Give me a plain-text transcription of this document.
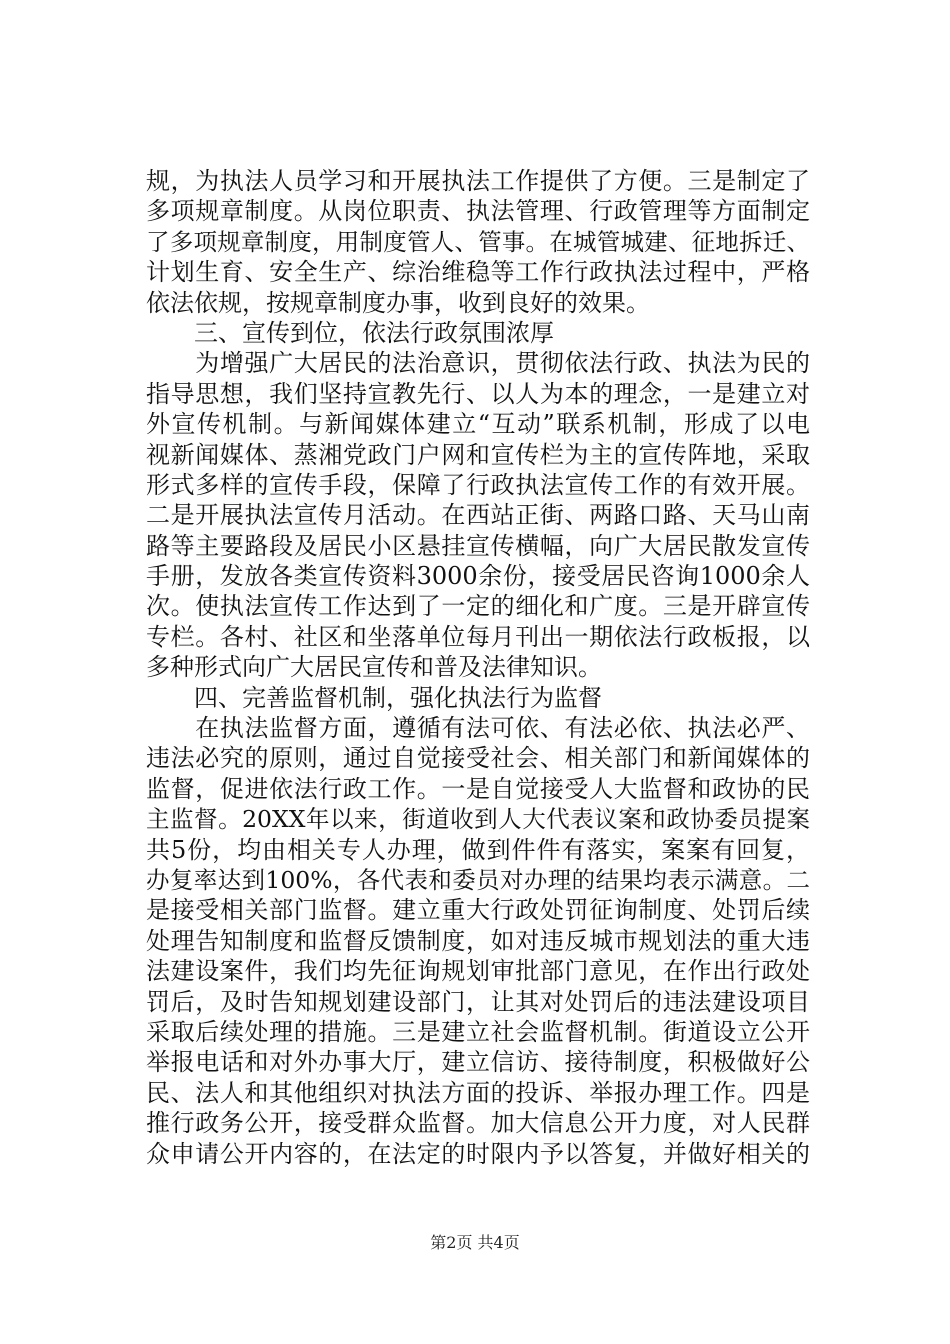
规，为执法人员学习和开展执法工作提供了方便。三是制定了
多项规章制度。从岗位职责、执法管理、行政管理等方面制定
了多项规章制度，用制度管人、管事。在城管城建、征地拆迁、
计划生育、安全生产、综治维稳等工作行政执法过程中，严格
依法依规，按规章制度办事，收到良好的效果。
　　三、宣传到位，依法行政氛围浓厚
　　为增强广大居民的法治意识，贯彻依法行政、执法为民的
指导思想，我们坚持宣教先行、以人为本的理念，一是建立对
外宣传机制。与新闻媒体建立“互动”联系机制，形成了以电
视新闻媒体、蒸湘党政门户网和宣传栏为主的宣传阵地，采取
形式多样的宣传手段，保障了行政执法宣传工作的有效开展。
二是开展执法宣传月活动。在西站正街、两路口路、天马山南
路等主要路段及居民小区悬挂宣传横幅，向广大居民散发宣传
手册，发放各类宣传资料3000余份，接受居民咨询1000余人
次。使执法宣传工作达到了一定的细化和广度。三是开辟宣传
专栏。各村、社区和坐落单位每月刊出一期依法行政板报，以
多种形式向广大居民宣传和普及法律知识。
　　四、完善监督机制，强化执法行为监督
　　在执法监督方面，遵循有法可依、有法必依、执法必严、
违法必究的原则，通过自觉接受社会、相关部门和新闻媒体的
监督，促进依法行政工作。一是自觉接受人大监督和政协的民
主监督。20XX年以来，街道收到人大代表议案和政协委员提案
共5份，均由相关专人办理，做到件件有落实，案案有回复，
办复率达到100%，各代表和委员对办理的结果均表示满意。二
是接受相关部门监督。建立重大行政处罚征询制度、处罚后续
处理告知制度和监督反馈制度，如对违反城市规划法的重大违
法建设案件，我们均先征询规划审批部门意见，在作出行政处
罚后，及时告知规划建设部门，让其对处罚后的违法建设项目
采取后续处理的措施。三是建立社会监督机制。街道设立公开
举报电话和对外办事大厅，建立信访、接待制度，积极做好公
民、法人和其他组织对执法方面的投诉、举报办理工作。四是
推行政务公开，接受群众监督。加大信息公开力度，对人民群
众申请公开内容的，在法定的时限内予以答复，并做好相关的
第2页 共4页
